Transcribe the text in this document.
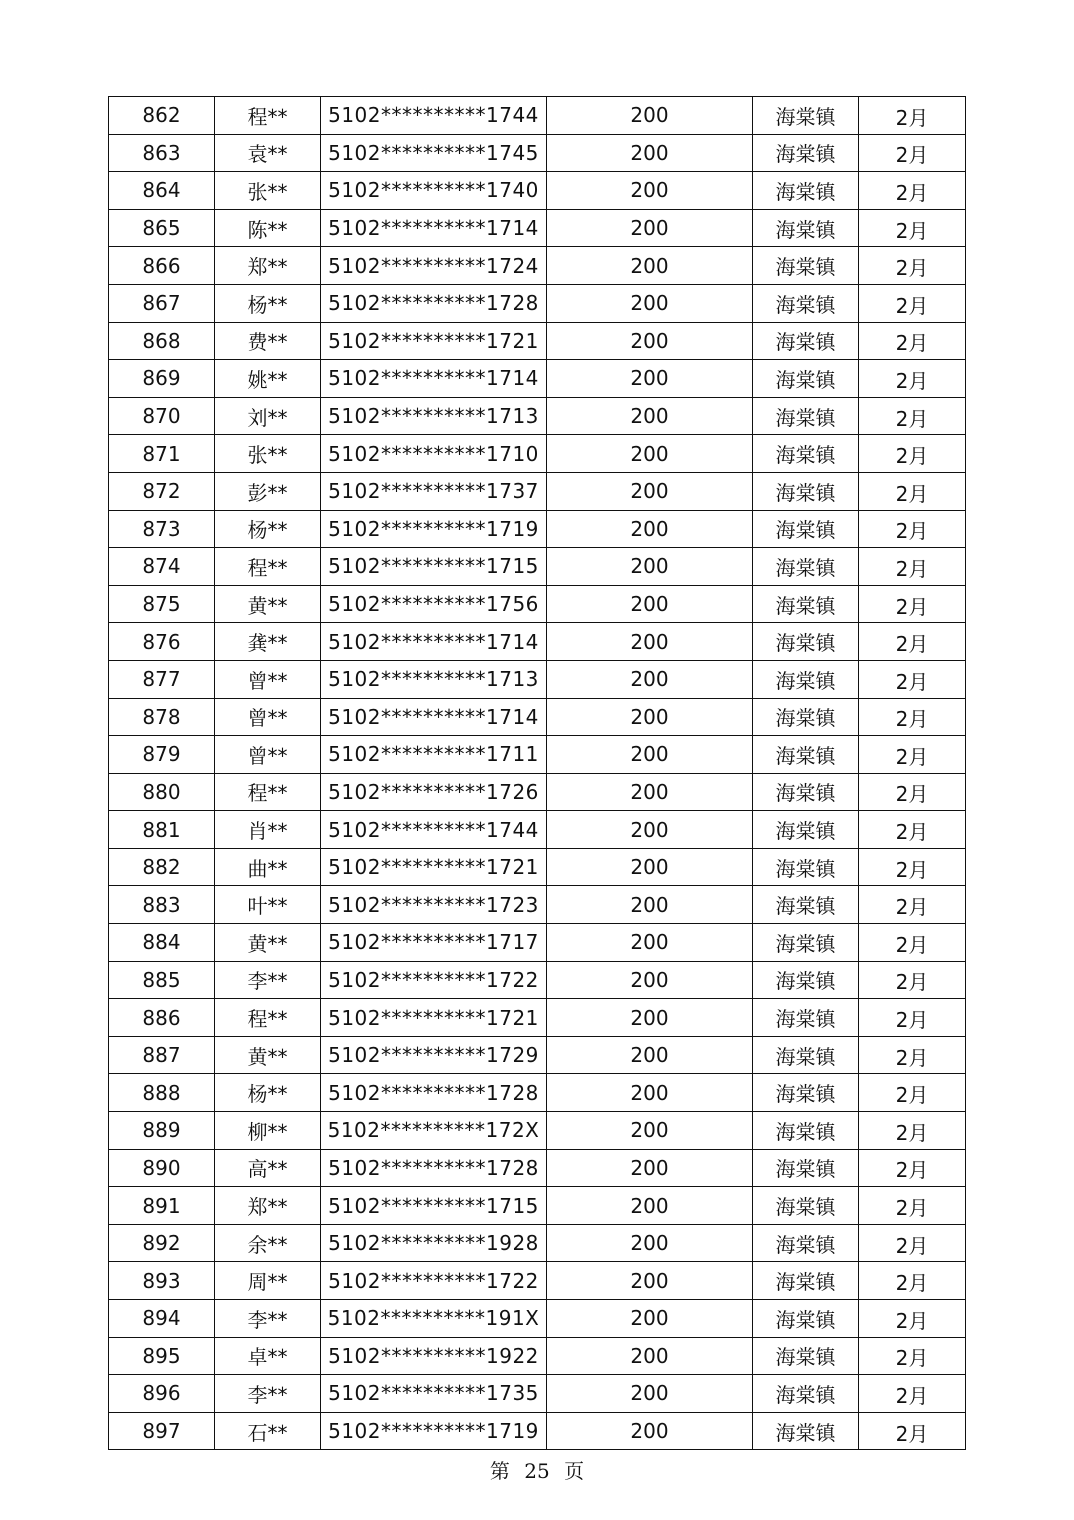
862	程**	5102**********1744	200	海棠镇	2月
863	袁**	5102**********1745	200	海棠镇	2月
864	张**	5102**********1740	200	海棠镇	2月
865	陈**	5102**********1714	200	海棠镇	2月
866	郑**	5102**********1724	200	海棠镇	2月
867	杨**	5102**********1728	200	海棠镇	2月
868	费**	5102**********1721	200	海棠镇	2月
869	姚**	5102**********1714	200	海棠镇	2月
870	刘**	5102**********1713	200	海棠镇	2月
871	张**	5102**********1710	200	海棠镇	2月
872	彭**	5102**********1737	200	海棠镇	2月
873	杨**	5102**********1719	200	海棠镇	2月
874	程**	5102**********1715	200	海棠镇	2月
875	黄**	5102**********1756	200	海棠镇	2月
876	龚**	5102**********1714	200	海棠镇	2月
877	曾**	5102**********1713	200	海棠镇	2月
878	曾**	5102**********1714	200	海棠镇	2月
879	曾**	5102**********1711	200	海棠镇	2月
880	程**	5102**********1726	200	海棠镇	2月
881	肖**	5102**********1744	200	海棠镇	2月
882	曲**	5102**********1721	200	海棠镇	2月
883	叶**	5102**********1723	200	海棠镇	2月
884	黄**	5102**********1717	200	海棠镇	2月
885	李**	5102**********1722	200	海棠镇	2月
886	程**	5102**********1721	200	海棠镇	2月
887	黄**	5102**********1729	200	海棠镇	2月
888	杨**	5102**********1728	200	海棠镇	2月
889	柳**	5102**********172X	200	海棠镇	2月
890	高**	5102**********1728	200	海棠镇	2月
891	郑**	5102**********1715	200	海棠镇	2月
892	余**	5102**********1928	200	海棠镇	2月
893	周**	5102**********1722	200	海棠镇	2月
894	李**	5102**********191X	200	海棠镇	2月
895	卓**	5102**********1922	200	海棠镇	2月
896	李**	5102**********1735	200	海棠镇	2月
897	石**	5102**********1719	200	海棠镇	2月
第 25 页
